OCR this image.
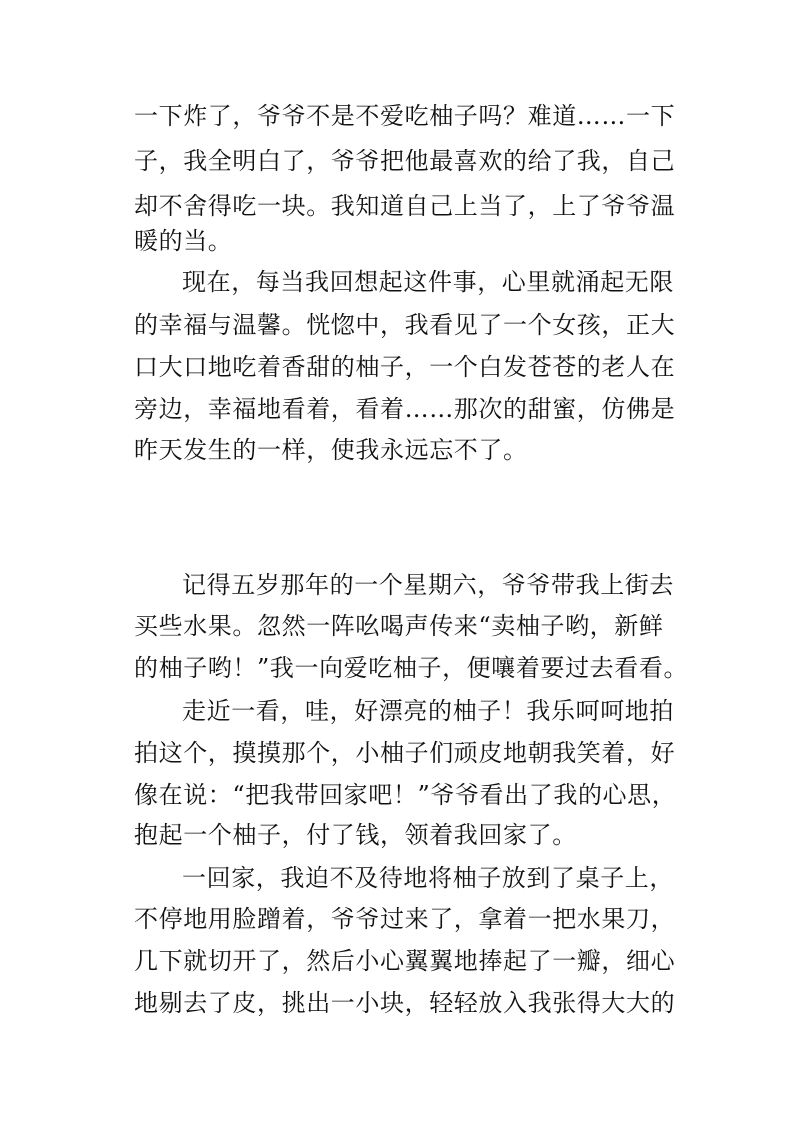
一下炸了，爷爷不是不爱吃柚子吗？难道……一下
子，我全明白了，爷爷把他最喜欢的给了我，自己
却不舍得吃一块。我知道自己上当了，上了爷爷温
暖的当。
现在，每当我回想起这件事，心里就涌起无限
的幸福与温馨。恍惚中，我看见了一个女孩，正大
口大口地吃着香甜的柚子，一个白发苍苍的老人在
旁边，幸福地看着，看着……那次的甜蜜，仿佛是
昨天发生的一样，使我永远忘不了。
记得五岁那年的一个星期六，爷爷带我上街去
买些水果。忽然一阵吆喝声传来“卖柚子哟，新鲜
的柚子哟！”我一向爱吃柚子，便嚷着要过去看看。
走近一看，哇，好漂亮的柚子！我乐呵呵地拍
拍这个，摸摸那个，小柚子们顽皮地朝我笑着，好
像在说：“把我带回家吧！”爷爷看出了我的心思，
抱起一个柚子，付了钱，领着我回家了。
一回家，我迫不及待地将柚子放到了桌子上，
不停地用脸蹭着，爷爷过来了，拿着一把水果刀，
几下就切开了，然后小心翼翼地捧起了一瓣，细心
地剔去了皮，挑出一小块，轻轻放入我张得大大的
